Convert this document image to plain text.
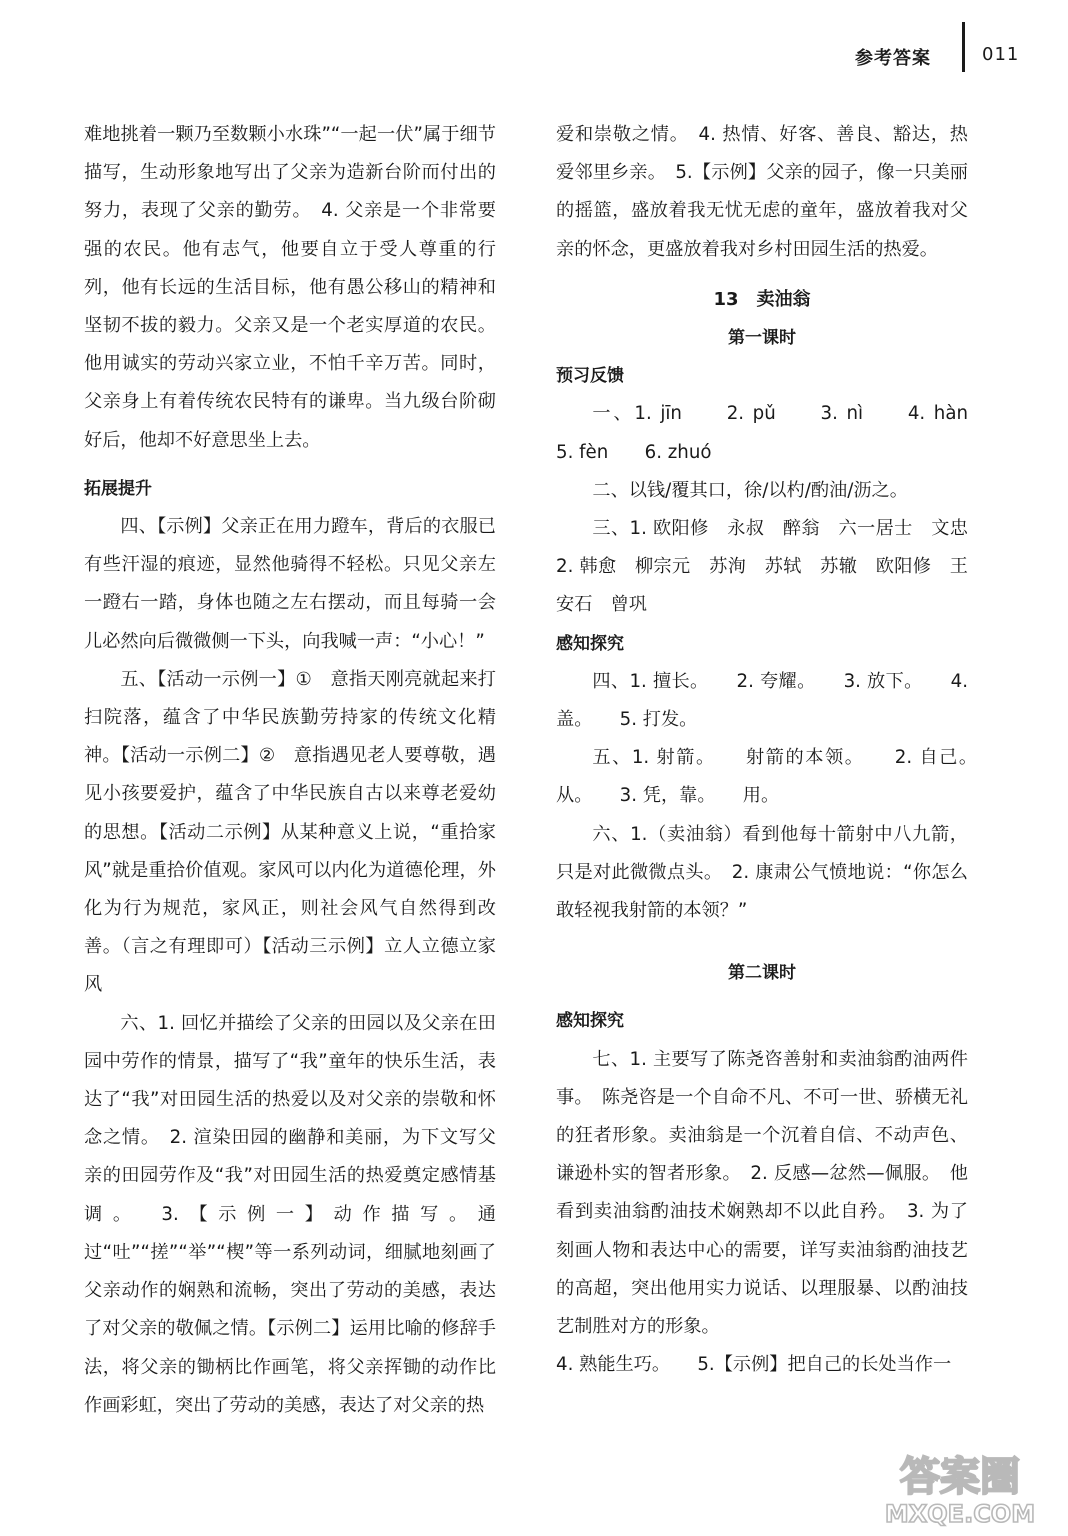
参考答案	011

难地挑着一颗乃至数颗小水珠”“一起一伏”属于细节描写，生动形象地写出了父亲为造新台阶而付出的努力，表现了父亲的勤劳。　4. 父亲是一个非常要强的农民。他有志气，他要自立于受人尊重的行列，他有长远的生活目标，他有愚公移山的精神和坚韧不拔的毅力。父亲又是一个老实厚道的农民。他用诚实的劳动兴家立业，不怕千辛万苦。同时，父亲身上有着传统农民特有的谦卑。当九级台阶砌好后，他却不好意思坐上去。

拓展提升

四、【示例】父亲正在用力蹬车，背后的衣服已有些汗湿的痕迹，显然他骑得不轻松。只见父亲左一蹬右一踏，身体也随之左右摆动，而且每骑一会儿必然向后微微侧一下头，向我喊一声：“小心！”

五、【活动一示例一】①　意指天刚亮就起来打扫院落，蕴含了中华民族勤劳持家的传统文化精神。【活动一示例二】②　意指遇见老人要尊敬，遇见小孩要爱护，蕴含了中华民族自古以来尊老爱幼的思想。【活动二示例】从某种意义上说，“重拾家风”就是重拾价值观。家风可以内化为道德伦理，外化为行为规范，家风正，则社会风气自然得到改善。（言之有理即可）【活动三示例】立人立德立家风

六、1. 回忆并描绘了父亲的田园以及父亲在田园中劳作的情景，描写了“我”童年的快乐生活，表达了“我”对田园生活的热爱以及对父亲的崇敬和怀念之情。　2. 渲染田园的幽静和美丽，为下文写父亲的田园劳作及“我”对田园生活的热爱奠定感情基调。　3.【示例一】动作描写。通过“吐”“搓”“举”“楔”等一系列动词，细腻地刻画了父亲动作的娴熟和流畅，突出了劳动的美感，表达了对父亲的敬佩之情。【示例二】运用比喻的修辞手法，将父亲的锄柄比作画笔，将父亲挥锄的动作比作画彩虹，突出了劳动的美感，表达了对父亲的热

爱和崇敬之情。　4. 热情、好客、善良、豁达，热爱邻里乡亲。　5.【示例】父亲的园子，像一只美丽的摇篮，盛放着我无忧无虑的童年，盛放着我对父亲的怀念，更盛放着我对乡村田园生活的热爱。

13　卖油翁
第一课时
预习反馈

一、1. jīn　　2. pǔ　　3. nì　　4. hàn　　5. fèn　　6. zhuó

二、以钱/覆其口，徐/以杓/酌油/沥之。

三、1. 欧阳修　永叔　醉翁　六一居士　文忠　　2. 韩愈　柳宗元　苏洵　苏轼　苏辙　欧阳修　王安石　曾巩

感知探究

四、1. 擅长。　　2. 夸耀。　　3. 放下。　　4. 盖。　　5. 打发。

五、1. 射箭。　　射箭的本领。　　2. 自己。　从。　　3. 凭，靠。　　用。

六、1.（卖油翁）看到他每十箭射中八九箭，只是对此微微点头。　2. 康肃公气愤地说：“你怎么敢轻视我射箭的本领？”

第二课时
感知探究

七、1. 主要写了陈尧咨善射和卖油翁酌油两件事。　陈尧咨是一个自命不凡、不可一世、骄横无礼的狂者形象。卖油翁是一个沉着自信、不动声色、谦逊朴实的智者形象。　2. 反感—忿然—佩服。　他看到卖油翁酌油技术娴熟却不以此自矜。　3. 为了刻画人物和表达中心的需要，详写卖油翁酌油技艺的高超，突出他用实力说话、以理服暴、以酌油技艺制胜对方的形象。

4. 熟能生巧。　　5.【示例】把自己的长处当作一

答案圈
MXQE.COM
